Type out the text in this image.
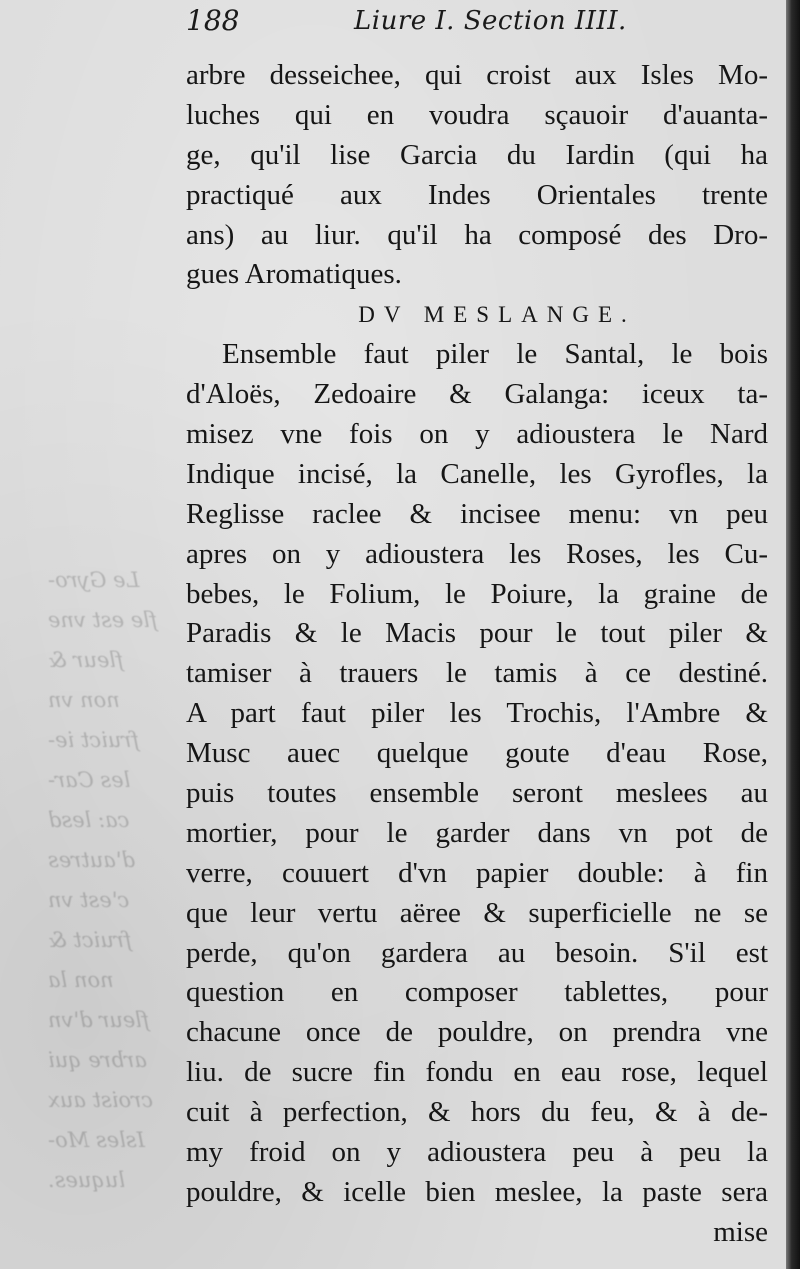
Le Gyro-
fle est vne
fleur &
non vn
fruict ie-
les Car-
ca: lesd
d'autres
c'est vn
fruict &
non la
fleur d'vn
arbre qui
croist aux
Isles Mo-
luques.
188	Liure I. Section IIII.
arbre desseichee, qui croist aux Isles Mo-
luches qui en voudra sçauoir d'auanta-
ge, qu'il lise Garcia du Iardin (qui ha
practiqué aux Indes Orientales trente
ans) au liur. qu'il ha composé des Dro-
gues Aromatiques.
DV MESLANGE.
Ensemble faut piler le Santal, le bois
d'Aloës, Zedoaire & Galanga: iceux ta-
misez vne fois on y adioustera le Nard
Indique incisé, la Canelle, les Gyrofles, la
Reglisse raclee & incisee menu: vn peu
apres on y adioustera les Roses, les Cu-
bebes, le Folium, le Poiure, la graine de
Paradis & le Macis pour le tout piler &
tamiser à trauers le tamis à ce destiné.
A part faut piler les Trochis, l'Ambre &
Musc auec quelque goute d'eau Rose,
puis toutes ensemble seront meslees au
mortier, pour le garder dans vn pot de
verre, couuert d'vn papier double: à fin
que leur vertu aëree & superficielle ne se
perde, qu'on gardera au besoin. S'il est
question en composer tablettes, pour
chacune once de pouldre, on prendra vne
liu. de sucre fin fondu en eau rose, lequel
cuit à perfection, & hors du feu, & à de-
my froid on y adioustera peu à peu la
pouldre, & icelle bien meslee, la paste sera
mise
